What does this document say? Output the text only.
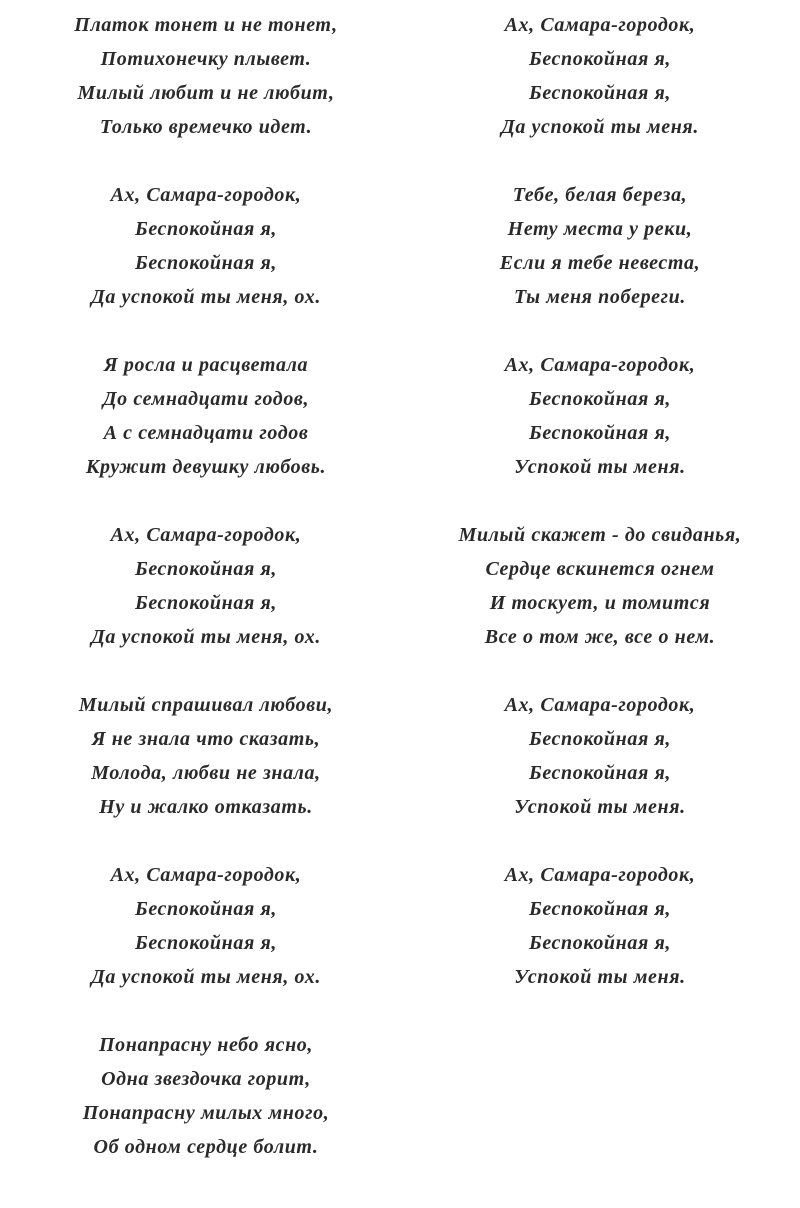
Платок тонет и не тонет,
Потихонечку плывет.
Милый любит и не любит,
Только времечко идет.
Ах, Самара-городок,
Беспокойная я,
Беспокойная я,
Да успокой ты меня, ох.
Я росла и расцветала
До семнадцати годов,
А с семнадцати годов
Кружит девушку любовь.
Ах, Самара-городок,
Беспокойная я,
Беспокойная я,
Да успокой ты меня, ох.
Милый спрашивал любови,
Я не знала что сказать,
Молода, любви не знала,
Ну и жалко отказать.
Ах, Самара-городок,
Беспокойная я,
Беспокойная я,
Да успокой ты меня, ох.
Понапрасну небо ясно,
Одна звездочка горит,
Понапрасну милых много,
Об одном сердце болит.
Ах, Самара-городок,
Беспокойная я,
Беспокойная я,
Да успокой ты меня.
Тебе, белая береза,
Нету места у реки,
Если я тебе невеста,
Ты меня побереги.
Ах, Самара-городок,
Беспокойная я,
Беспокойная я,
Успокой ты меня.
Милый скажет - до свиданья,
Сердце вскинется огнем
И тоскует, и томится
Все о том же, все о нем.
Ах, Самара-городок,
Беспокойная я,
Беспокойная я,
Успокой ты меня.
Ах, Самара-городок,
Беспокойная я,
Беспокойная я,
Успокой ты меня.
